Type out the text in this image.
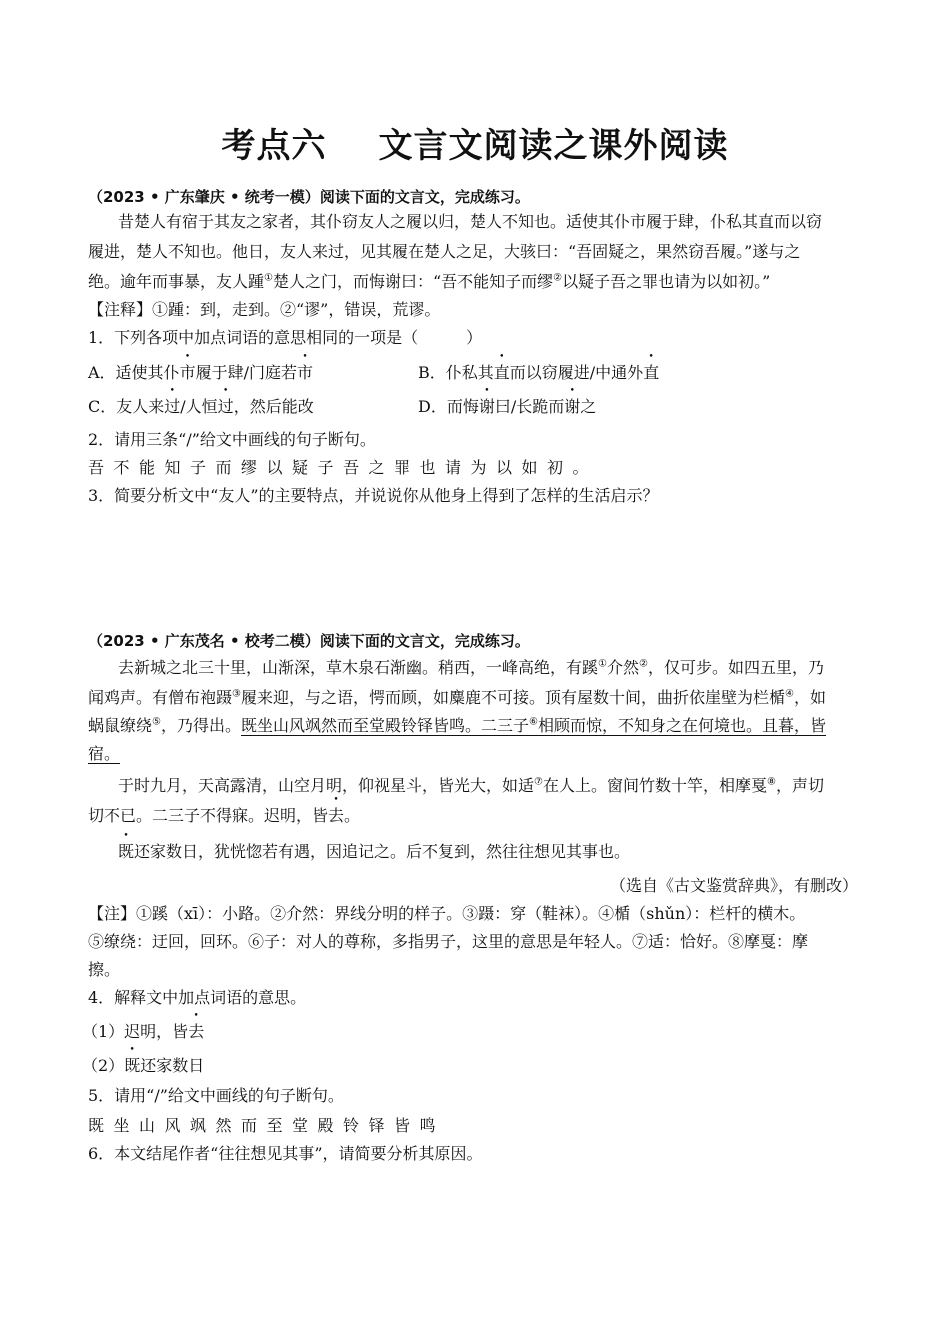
考点六 文言文阅读之课外阅读
（2023 • 广东肇庆 • 统考一模）阅读下面的文言文，完成练习。
昔楚人有宿于其友之家者，其仆窃友人之履以归，楚人不知也。适使其仆市履于肆，仆私其直而以窃
履进，楚人不知也。他日，友人来过，见其履在楚人之足，大骇曰：“吾固疑之，果然窃吾履。”遂与之
绝。逾年而事暴，友人踵①楚人之门，而悔谢曰：“吾不能知子而缪②以疑子吾之罪也请为以如初。”
【注释】①踵：到，走到。②“谬”，错误，荒谬。
1．下列各项中加点词语的意思相同的一项是（　　　）
A．适使其仆市履于肆/门庭若市	B．仆私其直而以窃履进/中通外直
C．友人来过/人恒过，然后能改	D．而悔谢曰/长跪而谢之
2．请用三条“/”给文中画线的句子断句。
吾不能知子而缪以疑子吾之罪也请为以如初。
3．简要分析文中“友人”的主要特点，并说说你从他身上得到了怎样的生活启示？
（2023 • 广东茂名 • 校考二模）阅读下面的文言文，完成练习。
去新城之北三十里，山渐深，草木泉石渐幽。稍西，一峰高绝，有蹊①介然②，仅可步。如四五里，乃
闻鸡声。有僧布袍蹑③履来迎，与之语，愕而顾，如麋鹿不可接。顶有屋数十间，曲折依崖壁为栏楯④，如
蜗鼠缭绕⑤，乃得出。既坐山风飒然而至堂殿铃铎皆鸣。二三子⑥相顾而惊，不知身之在何境也。且暮，皆
宿。
于时九月，天高露清，山空月明，仰视星斗，皆光大，如适⑦在人上。窗间竹数十竿，相摩戛⑧，声切
切不已。二三子不得寐。迟明，皆去。
既还家数日，犹恍惚若有遇，因追记之。后不复到，然往往想见其事也。
（选自《古文鉴赏辞典》，有删改）
【注】①蹊（xī）：小路。②介然：界线分明的样子。③蹑：穿（鞋袜）。④楯（shǔn）：栏杆的横木。
⑤缭绕：迂回，回环。⑥子：对人的尊称，多指男子，这里的意思是年轻人。⑦适：恰好。⑧摩戛：摩
擦。
4．解释文中加点词语的意思。
（1）迟明，皆去
（2）既还家数日
5．请用“/”给文中画线的句子断句。
既坐山风飒然而至堂殿铃铎皆鸣
6．本文结尾作者“往往想见其事”，请简要分析其原因。
